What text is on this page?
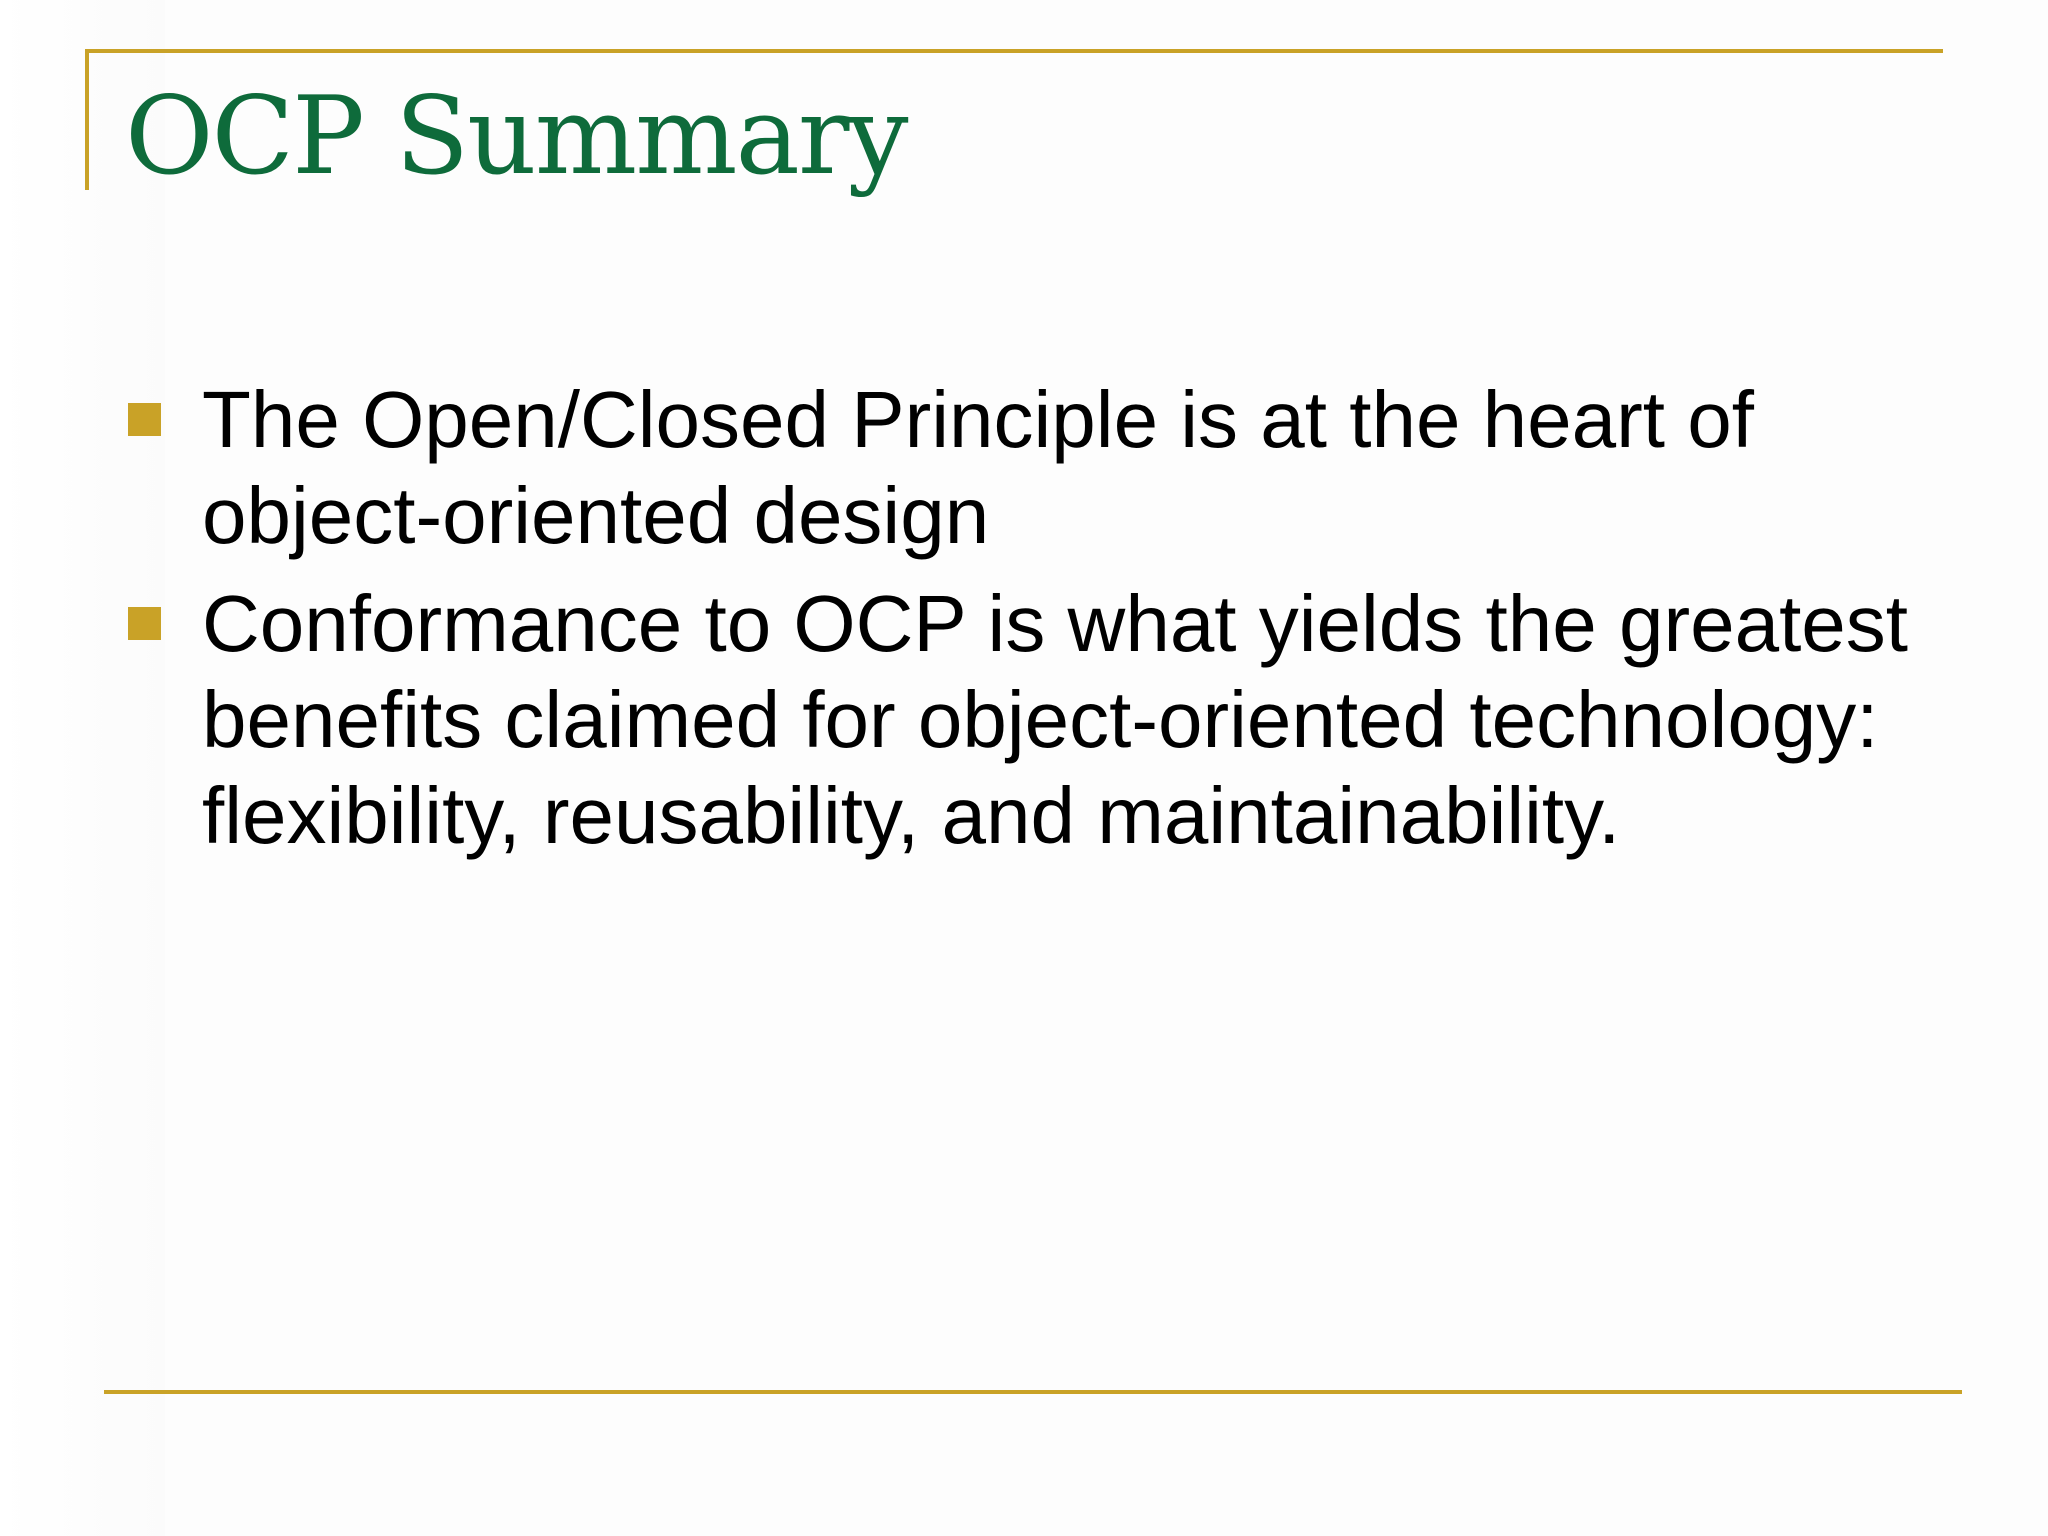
OCP Summary
The Open/Closed Principle is at the heart of object-oriented design
Conformance to OCP is what yields the greatest benefits claimed for object-oriented technology: flexibility, reusability, and maintainability.
